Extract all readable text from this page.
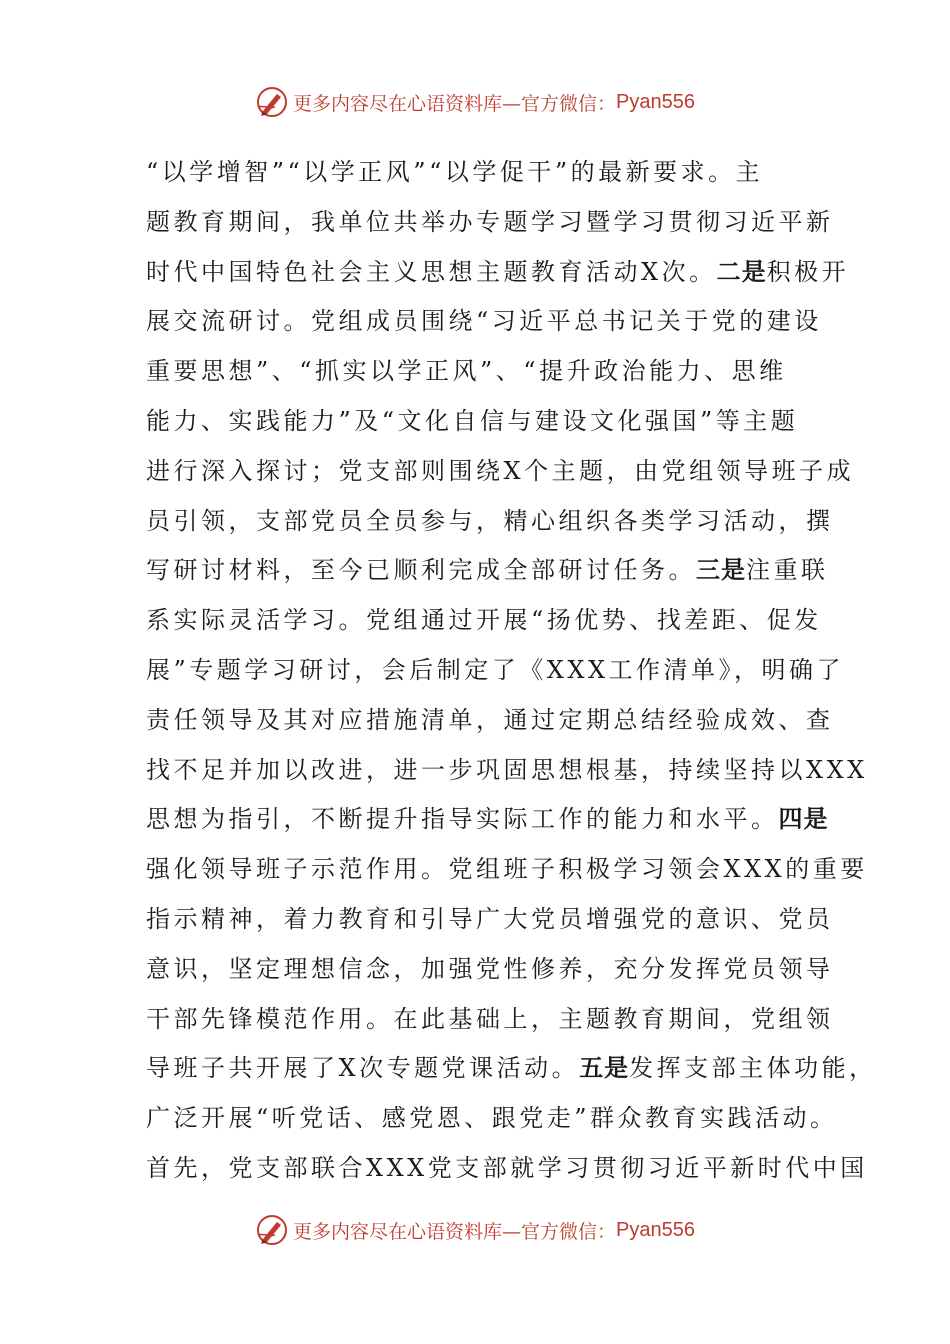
更多内容尽在心语资料库— 官方微信： Pyan556
“以学增智”“以学正风”“以学促干”的最新要求。主
题教育期间，我单位共举办专题学习暨学习贯彻习近平新
时代中国特色社会主义思想主题教育活动X次。二是积极开
展交流研讨。党组成员围绕“习近平总书记关于党的建设
重要思想”、“抓实以学正风”、“提升政治能力、思维
能力、实践能力”及“文化自信与建设文化强国”等主题
进行深入探讨；党支部则围绕X个主题，由党组领导班子成
员引领，支部党员全员参与，精心组织各类学习活动，撰
写研讨材料，至今已顺利完成全部研讨任务。三是注重联
系实际灵活学习。党组通过开展“扬优势、找差距、促发
展”专题学习研讨，会后制定了《XXX工作清单》，明确了
责任领导及其对应措施清单，通过定期总结经验成效、查
找不足并加以改进，进一步巩固思想根基，持续坚持以XXX
思想为指引，不断提升指导实际工作的能力和水平。四是
强化领导班子示范作用。党组班子积极学习领会XXX的重要
指示精神，着力教育和引导广大党员增强党的意识、党员
意识，坚定理想信念，加强党性修养，充分发挥党员领导
干部先锋模范作用。在此基础上，主题教育期间，党组领
导班子共开展了X次专题党课活动。五是发挥支部主体功能，
广泛开展“听党话、感党恩、跟党走”群众教育实践活动。
首先，党支部联合XXX党支部就学习贯彻习近平新时代中国
更多内容尽在心语资料库— 官方微信： Pyan556
